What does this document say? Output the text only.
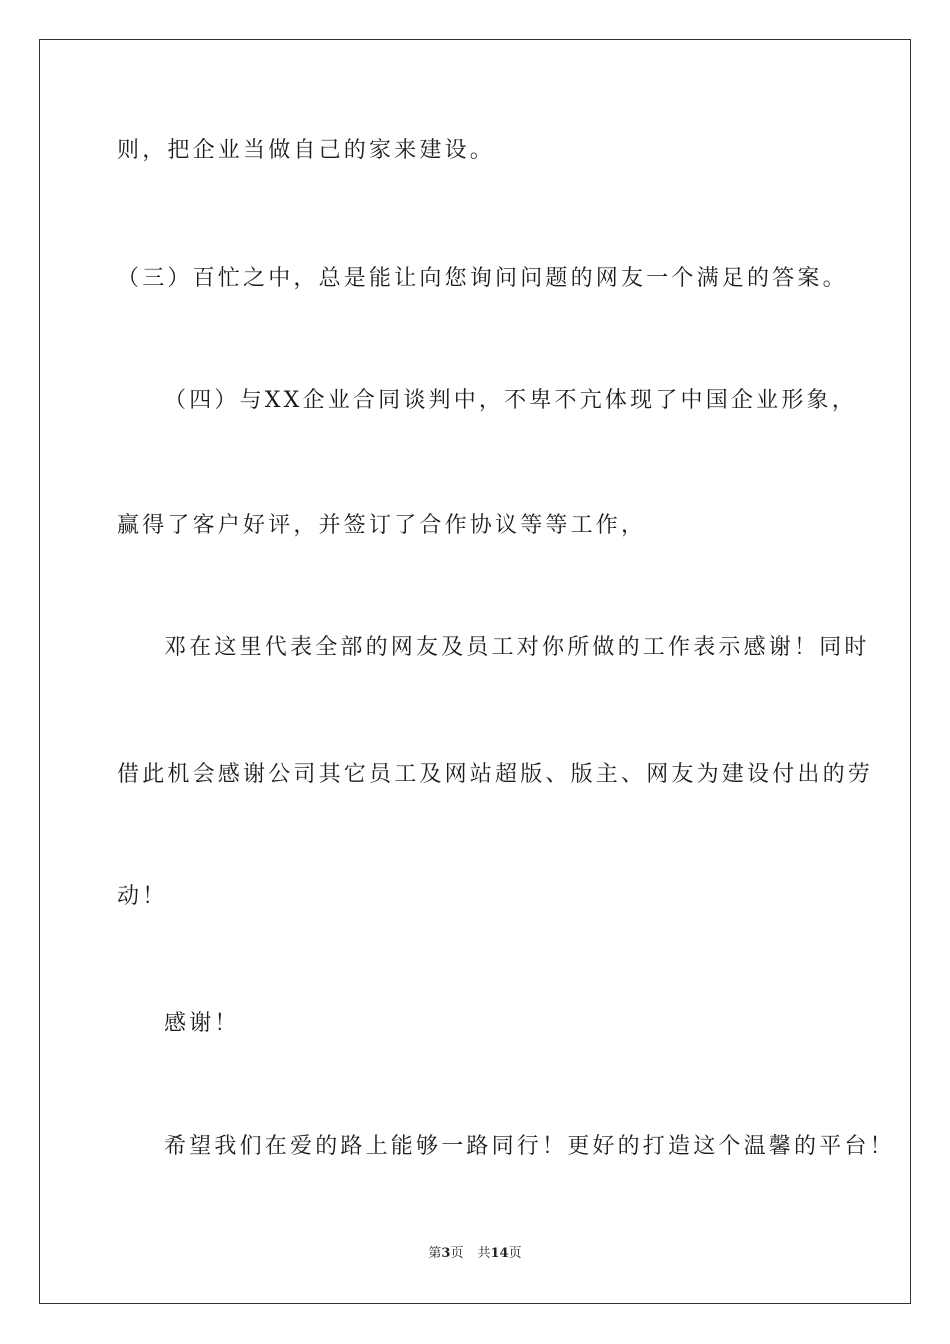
则，把企业当做自己的家来建设。
（三）百忙之中，总是能让向您询问问题的网友一个满足的答案。
（四）与XX企业合同谈判中，不卑不亢体现了中国企业形象，
赢得了客户好评，并签订了合作协议等等工作，
邓在这里代表全部的网友及员工对你所做的工作表示感谢！同时
借此机会感谢公司其它员工及网站超版、版主、网友为建设付出的劳
动！
感谢！
希望我们在爱的路上能够一路同行！更好的打造这个温馨的平台！
第3页 共14页
